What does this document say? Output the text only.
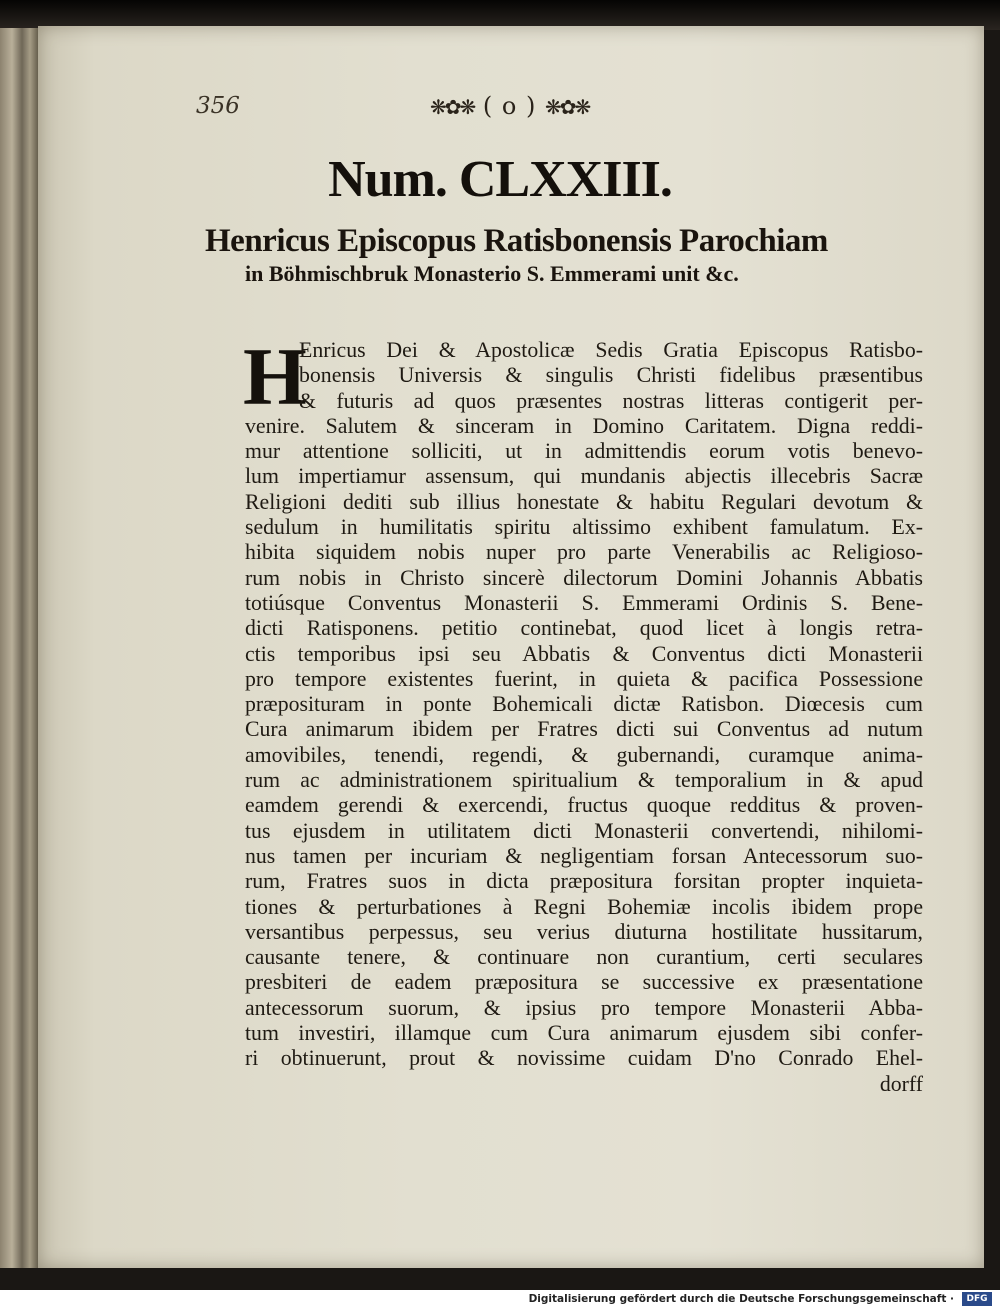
356	❋✿❋ ( o ) ❋✿❋
Num. CLXXIII.
Henricus Episcopus Ratisbonensis Parochiam
in Böhmischbruk Monasterio S. Emmerami unit &c.
H
Enricus Dei & Apostolicæ Sedis Gratia Episcopus Ratisbo-
bonensis Universis & singulis Christi fidelibus præsentibus
& futuris ad quos præsentes nostras litteras contigerit per-
venire. Salutem & sinceram in Domino Caritatem. Digna reddi-
mur attentione solliciti, ut in admittendis eorum votis benevo-
lum impertiamur assensum, qui mundanis abjectis illecebris Sacræ
Religioni dediti sub illius honestate & habitu Regulari devotum &
sedulum in humilitatis spiritu altissimo exhibent famulatum. Ex-
hibita siquidem nobis nuper pro parte Venerabilis ac Religioso-
rum nobis in Christo sincerè dilectorum Domini Johannis Abbatis
totiúsque Conventus Monasterii S. Emmerami Ordinis S. Bene-
dicti Ratisponens. petitio continebat, quod licet à longis retra-
ctis temporibus ipsi seu Abbatis & Conventus dicti Monasterii
pro tempore existentes fuerint, in quieta & pacifica Possessione
præposituram in ponte Bohemicali dictæ Ratisbon. Diœcesis cum
Cura animarum ibidem per Fratres dicti sui Conventus ad nutum
amovibiles, tenendi, regendi, & gubernandi, curamque anima-
rum ac administrationem spiritualium & temporalium in & apud
eamdem gerendi & exercendi, fructus quoque redditus & proven-
tus ejusdem in utilitatem dicti Monasterii convertendi, nihilomi-
nus tamen per incuriam & negligentiam forsan Antecessorum suo-
rum, Fratres suos in dicta præpositura forsitan propter inquieta-
tiones & perturbationes à Regni Bohemiæ incolis ibidem prope
versantibus perpessus, seu verius diuturna hostilitate hussitarum,
causante tenere, & continuare non curantium, certi seculares
presbiteri de eadem præpositura se successive ex præsentatione
antecessorum suorum, & ipsius pro tempore Monasterii Abba-
tum investiri, illamque cum Cura animarum ejusdem sibi confer-
ri obtinuerunt, prout & novissime cuidam D'no Conrado Ehel-
dorff
Digitalisierung gefördert durch die Deutsche Forschungsgemeinschaft ·	DFG
